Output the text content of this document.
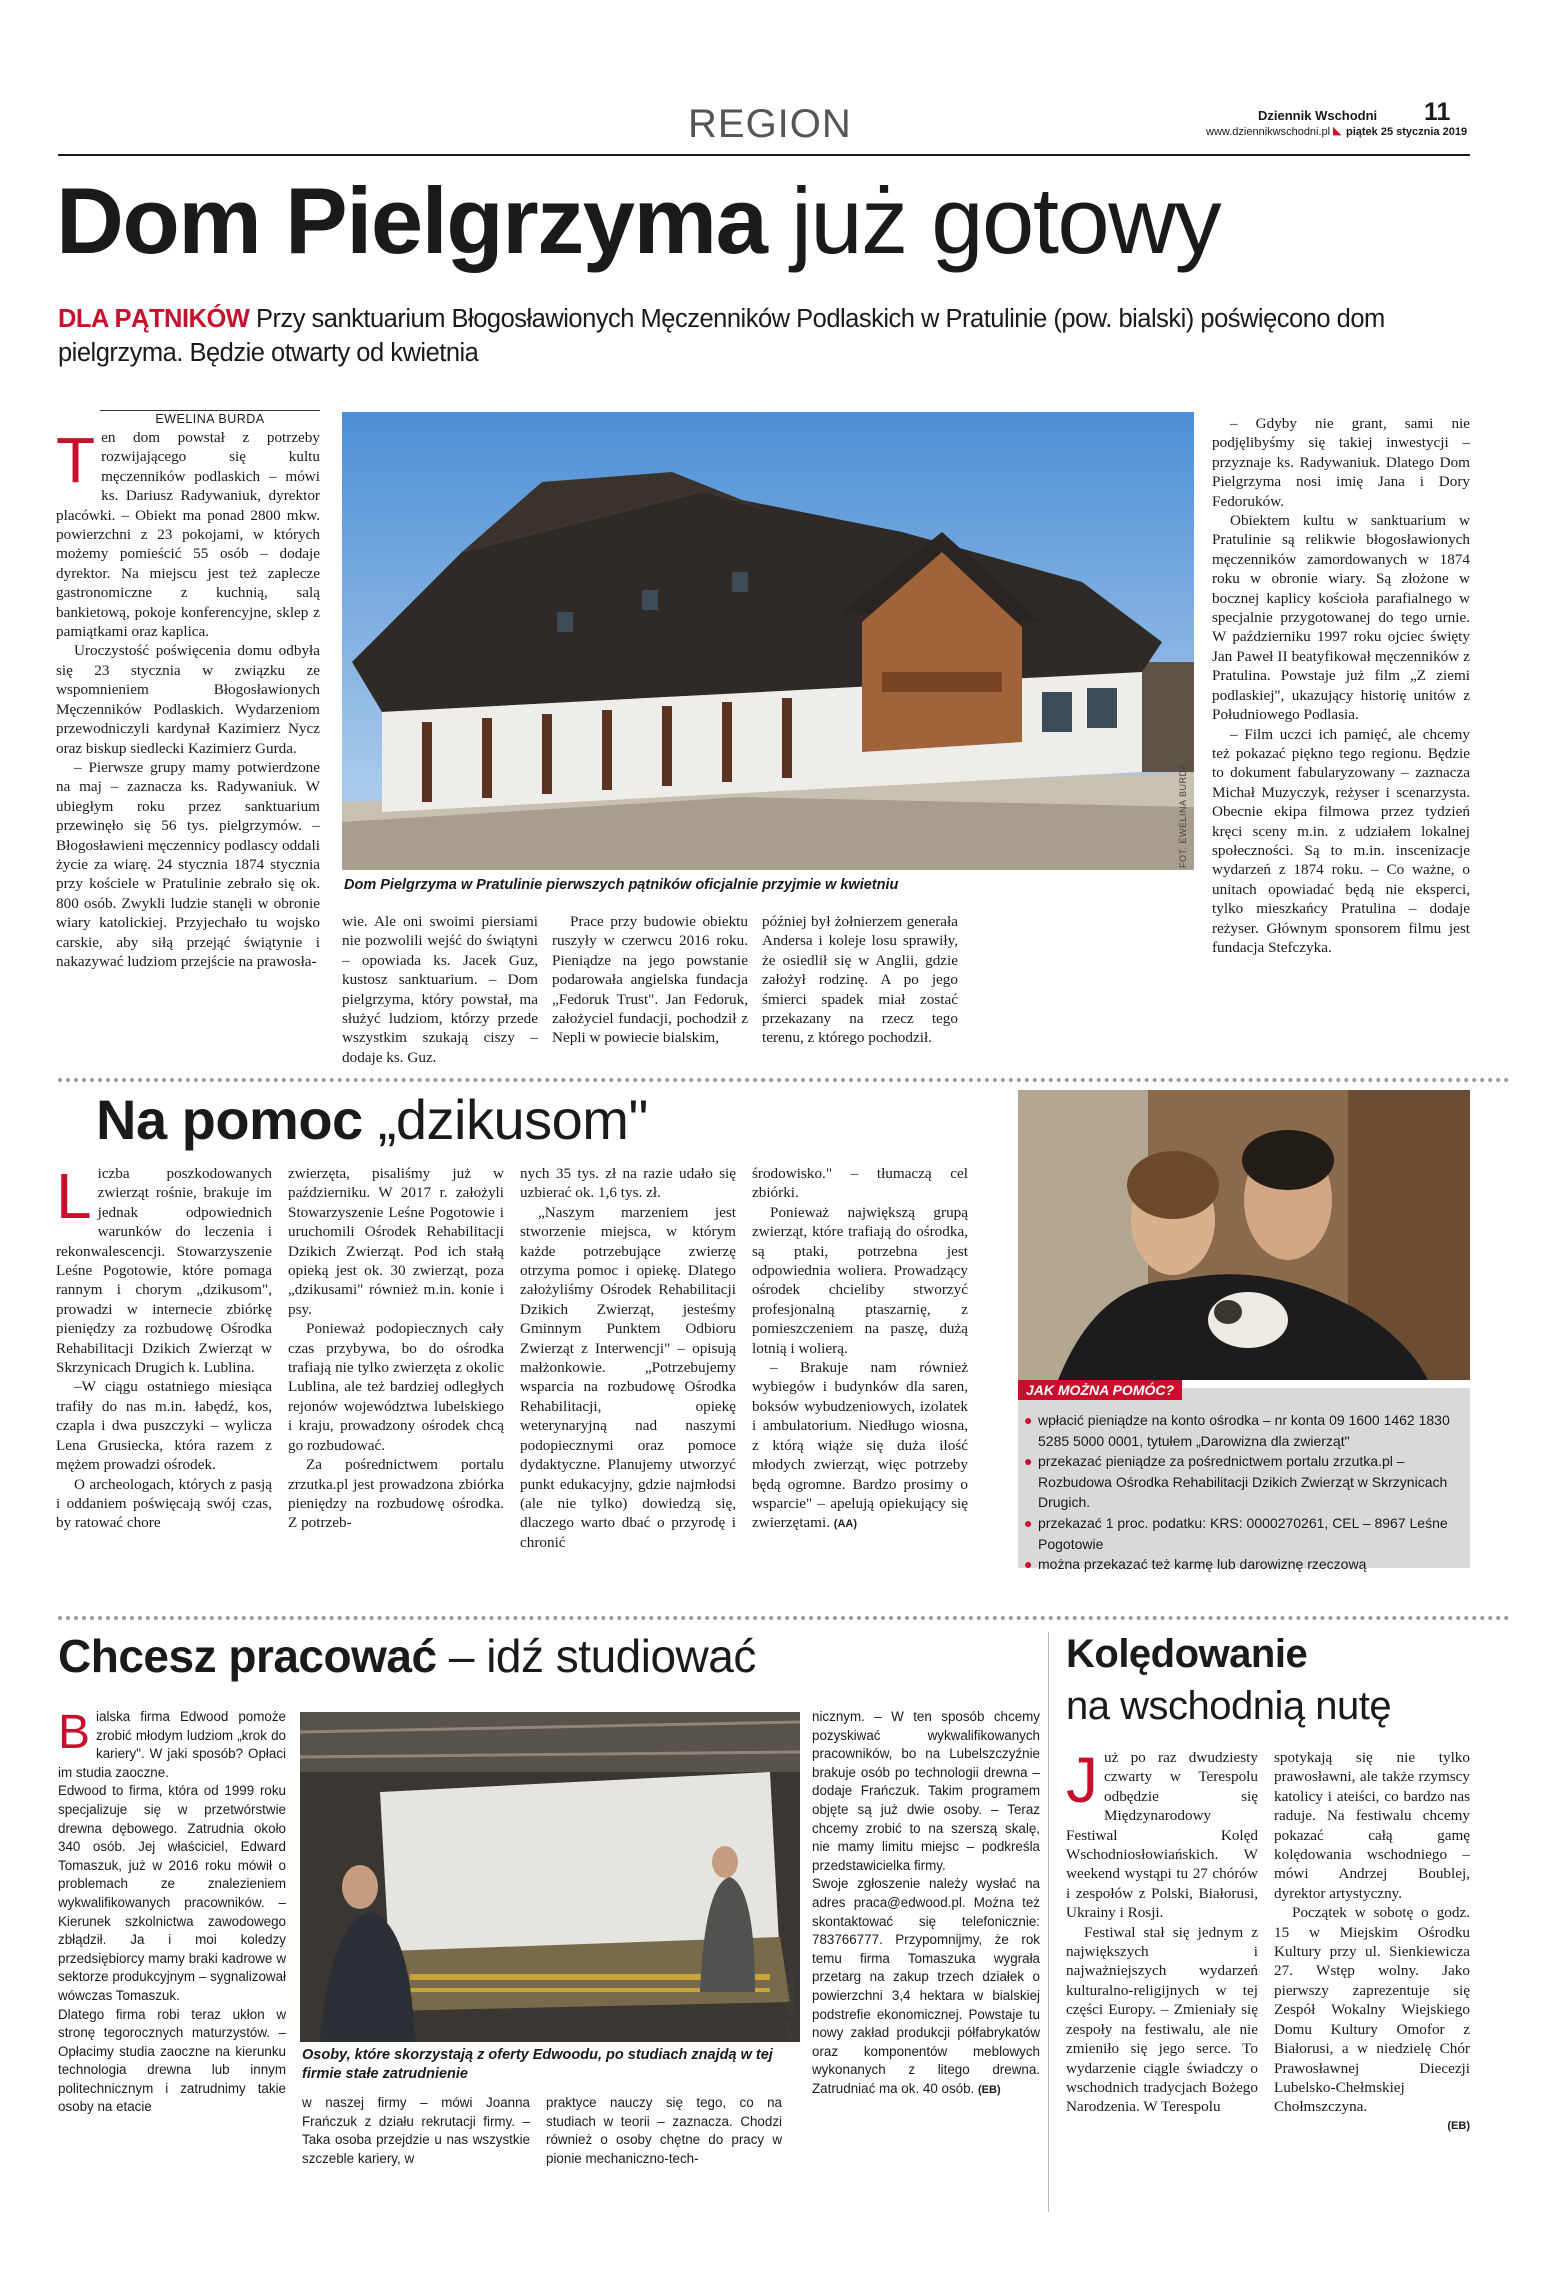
REGION	Dziennik Wschodni 11
www.dziennikwschodni.pl ◣ piątek 25 stycznia 2019
Dom Pielgrzyma już gotowy
DLA PĄTNIKÓW Przy sanktuarium Błogosławionych Męczenników Podlaskich w Pratulinie (pow. bialski) poświęcono dom pielgrzyma. Będzie otwarty od kwietnia
EWELINA BURDA
T en dom powstał z potrzeby rozwijającego się kultu męczenników podlaskich – mówi ks. Dariusz Radywaniuk, dyrektor placówki. – Obiekt ma ponad 2800 mkw. powierzchni z 23 pokojami, w których możemy pomieścić 55 osób – dodaje dyrektor. Na miejscu jest też zaplecze gastronomiczne z kuchnią, salą bankietową, pokoje konferencyjne, sklep z pamiątkami oraz kaplica.

Uroczystość poświęcenia domu odbyła się 23 stycznia w związku ze wspomnieniem Błogosławionych Męczenników Podlaskich. Wydarzeniom przewodniczyli kardynał Kazimierz Nycz oraz biskup siedlecki Kazimierz Gurda.

– Pierwsze grupy mamy potwierdzone na maj – zaznacza ks. Radywaniuk. W ubiegłym roku przez sanktuarium przewinęło się 56 tys. pielgrzymów. – Błogosławieni męczennicy podlascy oddali życie za wiarę. 24 stycznia 1874 stycznia przy kościele w Pratulinie zebrało się ok. 800 osób. Zwykli ludzie stanęli w obronie wiary katolickiej. Przyjechało tu wojsko carskie, aby siłą przejąć świątynie i nakazywać ludziom przejście na prawosła-

FOT. EWELINA BURDA
Dom Pielgrzyma w Pratulinie pierwszych pątników oficjalnie przyjmie w kwietniu

wie. Ale oni swoimi piersiami nie pozwolili wejść do świątyni – opowiada ks. Jacek Guz, kustosz sanktuarium. – Dom pielgrzyma, który powstał, ma służyć ludziom, którzy przede wszystkim szukają ciszy – dodaje ks. Guz.

Prace przy budowie obiektu ruszyły w czerwcu 2016 roku. Pieniądze na jego powstanie podarowała angielska fundacja „Fedoruk Trust". Jan Fedoruk, założyciel fundacji, pochodził z Nepli w powiecie bialskim,

później był żołnierzem generała Andersa i koleje losu sprawiły, że osiedlił się w Anglii, gdzie założył rodzinę. A po jego śmierci spadek miał zostać przekazany na rzecz tego terenu, z którego pochodził.

– Gdyby nie grant, sami nie podjęlibyśmy się takiej inwestycji – przyznaje ks. Radywaniuk. Dlatego Dom Pielgrzyma nosi imię Jana i Dory Fedoruków.

Obiektem kultu w sanktuarium w Pratulinie są relikwie błogosławionych męczenników zamordowanych w 1874 roku w obronie wiary. Są złożone w bocznej kaplicy kościoła parafialnego w specjalnie przygotowanej do tego urnie. W październiku 1997 roku ojciec święty Jan Paweł II beatyfikował męczenników z Pratulina. Powstaje już film „Z ziemi podlaskiej", ukazujący historię unitów z Południowego Podlasia.

– Film uczci ich pamięć, ale chcemy też pokazać piękno tego regionu. Będzie to dokument fabularyzowany – zaznacza Michał Muzyczyk, reżyser i scenarzysta. Obecnie ekipa filmowa przez tydzień kręci sceny m.in. z udziałem lokalnej społeczności. Są to m.in. inscenizacje wydarzeń z 1874 roku. – Co ważne, o unitach opowiadać będą nie eksperci, tylko mieszkańcy Pratulina – dodaje reżyser. Głównym sponsorem filmu jest fundacja Stefczyka.

Na pomoc „dzikusom"
L iczba poszkodowanych zwierząt rośnie, brakuje im jednak odpowiednich warunków do leczenia i rekonwalescencji. Stowarzyszenie Leśne Pogotowie, które pomaga rannym i chorym „dzikusom", prowadzi w internecie zbiórkę pieniędzy za rozbudowę Ośrodka Rehabilitacji Dzikich Zwierząt w Skrzynicach Drugich k. Lublina.

–W ciągu ostatniego miesiąca trafiły do nas m.in. łabędź, kos, czapla i dwa puszczyki – wylicza Lena Grusiecka, która razem z mężem prowadzi ośrodek.

O archeologach, których z pasją i oddaniem poświęcają swój czas, by ratować chore

zwierzęta, pisaliśmy już w październiku. W 2017 r. założyli Stowarzyszenie Leśne Pogotowie i uruchomili Ośrodek Rehabilitacji Dzikich Zwierząt. Pod ich stałą opieką jest ok. 30 zwierząt, poza „dzikusami" również m.in. konie i psy.

Ponieważ podopiecznych cały czas przybywa, bo do ośrodka trafiają nie tylko zwierzęta z okolic Lublina, ale też bardziej odległych rejonów województwa lubelskiego i kraju, prowadzony ośrodek chcą go rozbudować.

Za pośrednictwem portalu zrzutka.pl jest prowadzona zbiórka pieniędzy na rozbudowę ośrodka. Z potrzeb-

nych 35 tys. zł na razie udało się uzbierać ok. 1,6 tys. zł.

„Naszym marzeniem jest stworzenie miejsca, w którym każde potrzebujące zwierzę otrzyma pomoc i opiekę. Dlatego założyliśmy Ośrodek Rehabilitacji Dzikich Zwierząt, jesteśmy Gminnym Punktem Odbioru Zwierząt z Interwencji" – opisują małżonkowie. „Potrzebujemy wsparcia na rozbudowę Ośrodka Rehabilitacji, opiekę weterynaryjną nad naszymi podopiecznymi oraz pomoce dydaktyczne. Planujemy utworzyć punkt edukacyjny, gdzie najmłodsi (ale nie tylko) dowiedzą się, dlaczego warto dbać o przyrodę i chronić

środowisko." – tłumaczą cel zbiórki.

Ponieważ największą grupą zwierząt, które trafiają do ośrodka, są ptaki, potrzebna jest odpowiednia woliera. Prowadzący ośrodek chcieliby stworzyć profesjonalną ptaszarnię, z pomieszczeniem na paszę, dużą lotnią i wolierą.

– Brakuje nam również wybiegów i budynków dla saren, boksów wybudzeniowych, izolatek i ambulatorium. Niedługo wiosna, z którą wiąże się duża ilość młodych zwierząt, więc potrzeby będą ogromne. Bardzo prosimy o wsparcie" – apelują opiekujący się zwierzętami. (AA)

JAK MOŻNA POMÓC?
● wpłacić pieniądze na konto ośrodka – nr konta 09 1600 1462 1830 5285 5000 0001, tytułem „Darowizna dla zwierząt"
● przekazać pieniądze za pośrednictwem portalu zrzutka.pl – Rozbudowa Ośrodka Rehabilitacji Dzikich Zwierząt w Skrzynicach Drugich.
● przekazać 1 proc. podatku: KRS: 0000270261, CEL – 8967 Leśne Pogotowie
● można przekazać też karmę lub darowiznę rzeczową
Chcesz pracować – idź studiować
B ialska firma Edwood pomoże zrobić młodym ludziom „krok do kariery". W jaki sposób? Opłaci im studia zaoczne.

Edwood to firma, która od 1999 roku specjalizuje się w przetwórstwie drewna dębowego. Zatrudnia około 340 osób. Jej właściciel, Edward Tomaszuk, już w 2016 roku mówił o problemach ze znalezieniem wykwalifikowanych pracowników. – Kierunek szkolnictwa zawodowego zbłądził. Ja i moi koledzy przedsiębiorcy mamy braki kadrowe w sektorze produkcyjnym – sygnalizował wówczas Tomaszuk.

Dlatego firma robi teraz ukłon w stronę tegorocznych maturzystów. – Opłacimy studia zaoczne na kierunku technologia drewna lub innym politechnicznym i zatrudnimy takie osoby na etacie

FOT. EDWOOD
Osoby, które skorzystają z oferty Edwoodu, po studiach znajdą w tej firmie stałe zatrudnienie

w naszej firmy – mówi Joanna Frańczuk z działu rekrutacji firmy. – Taka osoba przejdzie u nas wszystkie szczeble kariery, w

praktyce nauczy się tego, co na studiach w teorii – zaznacza. Chodzi również o osoby chętne do pracy w pionie mechaniczno-tech-

nicznym. – W ten sposób chcemy pozyskiwać wykwalifikowanych pracowników, bo na Lubelszczyźnie brakuje osób po technologii drewna – dodaje Frańczuk. Takim programem objęte są już dwie osoby. – Teraz chcemy zrobić to na szerszą skalę, nie mamy limitu miejsc – podkreśla przedstawicielka firmy.

Swoje zgłoszenie należy wysłać na adres praca@edwood.pl. Można też skontaktować się telefonicznie: 783766777. Przypomnijmy, że rok temu firma Tomaszuka wygrała przetarg na zakup trzech działek o powierzchni 3,4 hektara w bialskiej podstrefie ekonomicznej. Powstaje tu nowy zakład produkcji półfabrykatów oraz komponentów meblowych wykonanych z litego drewna. Zatrudniać ma ok. 40 osób. (EB)

Kolędowanie
na wschodnią nutę
J uż po raz dwudziesty czwarty w Terespolu odbędzie się Międzynarodowy Festiwal Kolęd Wschodniosłowiańskich. W weekend wystąpi tu 27 chórów i zespołów z Polski, Białorusi, Ukrainy i Rosji.

Festiwal stał się jednym z największych i najważniejszych wydarzeń kulturalno-religijnych w tej części Europy. – Zmieniały się zespoły na festiwalu, ale nie zmieniło się jego serce. To wydarzenie ciągle świadczy o wschodnich tradycjach Bożego Narodzenia. W Terespolu

spotykają się nie tylko prawosławni, ale także rzymscy katolicy i ateiści, co bardzo nas raduje. Na festiwalu chcemy pokazać całą gamę kolędowania wschodniego – mówi Andrzej Boublej, dyrektor artystyczny.

Początek w sobotę o godz. 15 w Miejskim Ośrodku Kultury przy ul. Sienkiewicza 27. Wstęp wolny. Jako pierwszy zaprezentuje się Zespół Wokalny Wiejskiego Domu Kultury Omofor z Białorusi, a w niedzielę Chór Prawosławnej Diecezji Lubelsko-Chełmskiej Chołmszczyna.

(EB)
